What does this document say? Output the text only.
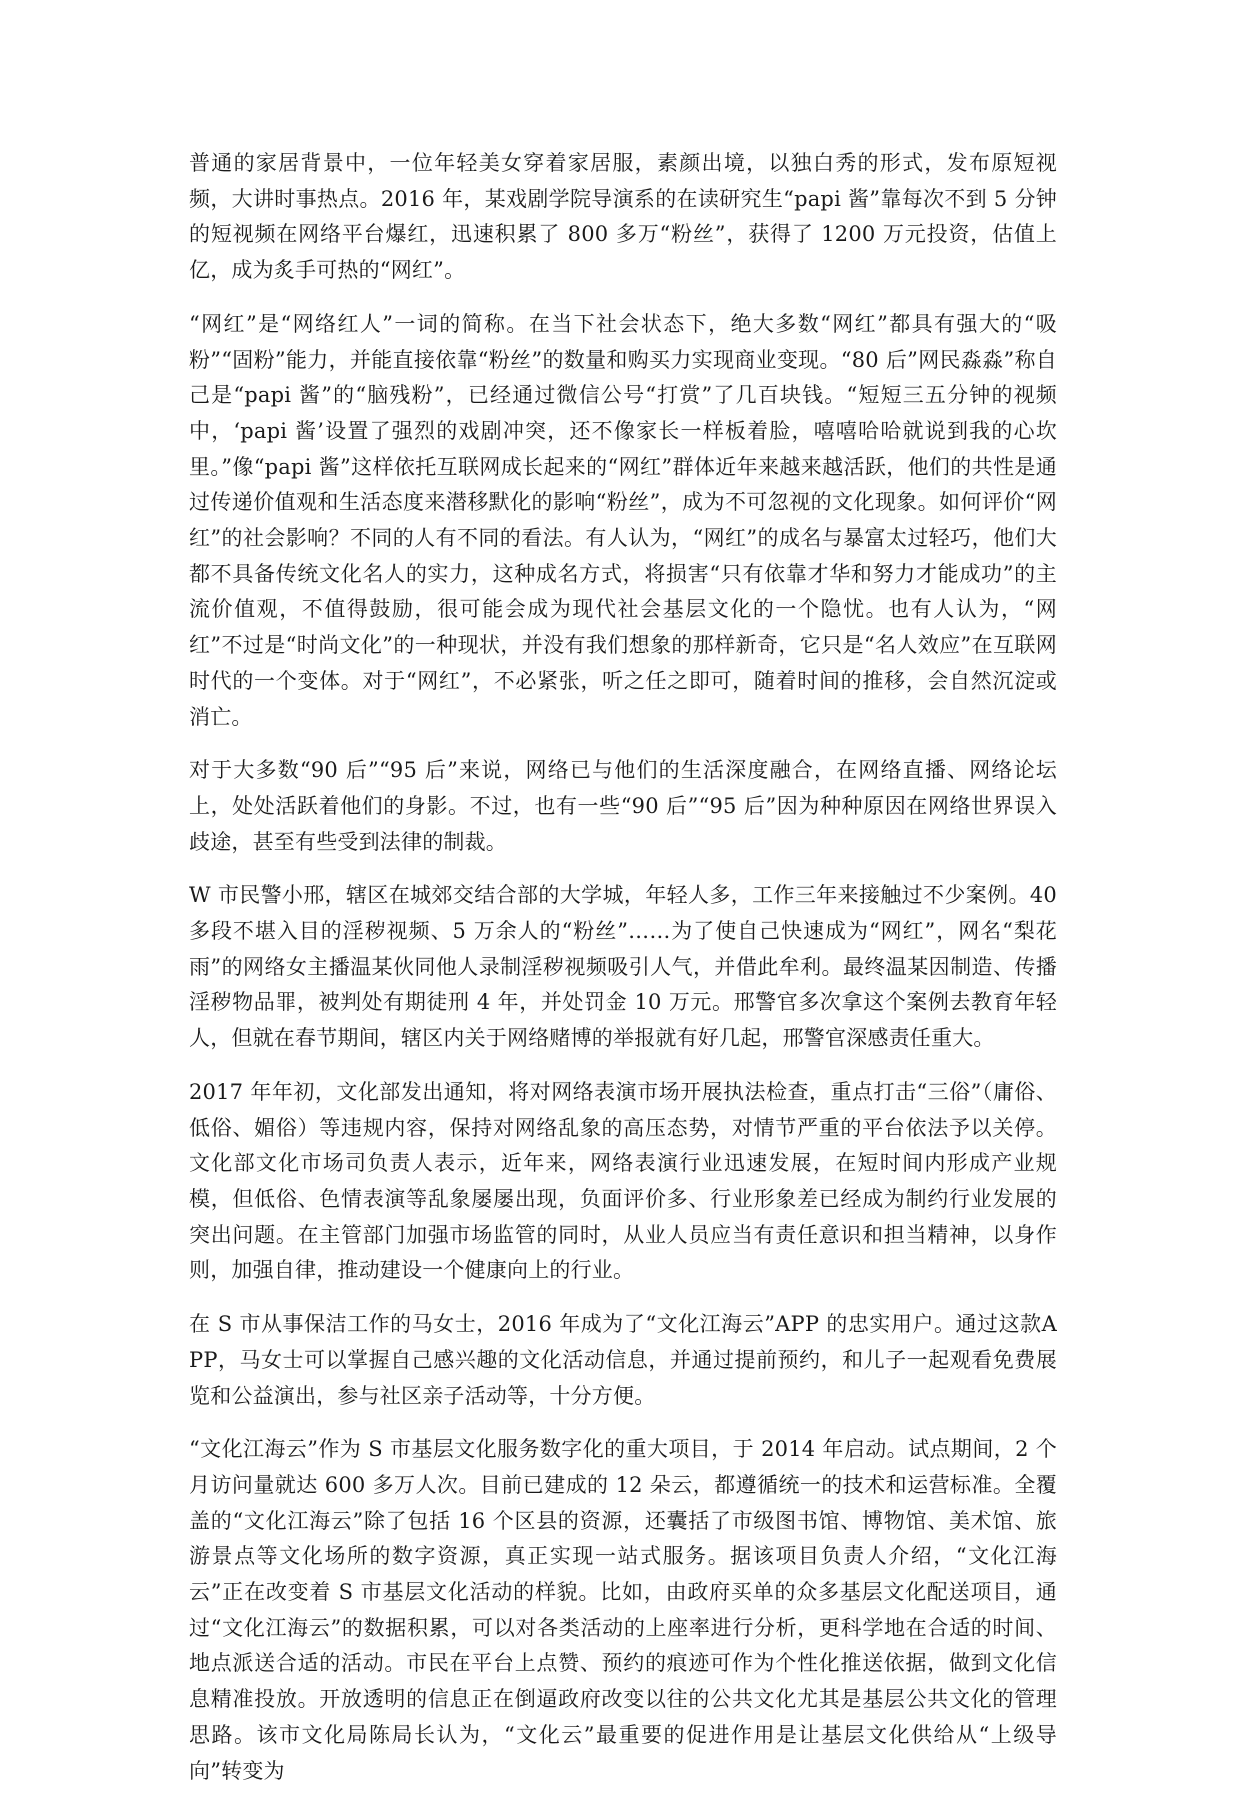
普通的家居背景中，一位年轻美女穿着家居服，素颜出境，以独白秀的形式，发布原短视频，大讲时事热点。2016 年，某戏剧学院导演系的在读研究生“papi 酱”靠每次不到 5 分钟的短视频在网络平台爆红，迅速积累了 800 多万“粉丝”，获得了 1200 万元投资，估值上亿，成为炙手可热的“网红”。

“网红”是“网络红人”一词的简称。在当下社会状态下，绝大多数“网红”都具有强大的“吸粉”“固粉”能力，并能直接依靠“粉丝”的数量和购买力实现商业变现。“80 后”网民淼淼”称自己是“papi 酱”的“脑残粉”，已经通过微信公号“打赏”了几百块钱。“短短三五分钟的视频中，‘papi 酱’设置了强烈的戏剧冲突，还不像家长一样板着脸，嘻嘻哈哈就说到我的心坎里。”像“papi 酱”这样依托互联网成长起来的“网红”群体近年来越来越活跃，他们的共性是通过传递价值观和生活态度来潜移默化的影响“粉丝”，成为不可忽视的文化现象。如何评价“网红”的社会影响？不同的人有不同的看法。有人认为，“网红”的成名与暴富太过轻巧，他们大都不具备传统文化名人的实力，这种成名方式，将损害“只有依靠才华和努力才能成功”的主流价值观，不值得鼓励，很可能会成为现代社会基层文化的一个隐忧。也有人认为，“网红”不过是“时尚文化”的一种现状，并没有我们想象的那样新奇，它只是“名人效应”在互联网时代的一个变体。对于“网红”，不必紧张，听之任之即可，随着时间的推移，会自然沉淀或消亡。

对于大多数“90 后”“95 后”来说，网络已与他们的生活深度融合，在网络直播、网络论坛上，处处活跃着他们的身影。不过，也有一些“90 后”“95 后”因为种种原因在网络世界误入歧途，甚至有些受到法律的制裁。

W 市民警小邢，辖区在城郊交结合部的大学城，年轻人多，工作三年来接触过不少案例。40 多段不堪入目的淫秽视频、5 万余人的“粉丝”……为了使自己快速成为“网红”，网名“梨花雨”的网络女主播温某伙同他人录制淫秽视频吸引人气，并借此牟利。最终温某因制造、传播淫秽物品罪，被判处有期徒刑 4 年，并处罚金 10 万元。邢警官多次拿这个案例去教育年轻人，但就在春节期间，辖区内关于网络赌博的举报就有好几起，邢警官深感责任重大。

2017 年年初，文化部发出通知，将对网络表演市场开展执法检查，重点打击“三俗”（庸俗、低俗、媚俗）等违规内容，保持对网络乱象的高压态势，对情节严重的平台依法予以关停。文化部文化市场司负责人表示，近年来，网络表演行业迅速发展，在短时间内形成产业规模，但低俗、色情表演等乱象屡屡出现，负面评价多、行业形象差已经成为制约行业发展的突出问题。在主管部门加强市场监管的同时，从业人员应当有责任意识和担当精神，以身作则，加强自律，推动建设一个健康向上的行业。

在 S 市从事保洁工作的马女士，2016 年成为了“文化江海云”APP 的忠实用户。通过这款APP，马女士可以掌握自己感兴趣的文化活动信息，并通过提前预约，和儿子一起观看免费展览和公益演出，参与社区亲子活动等，十分方便。

“文化江海云”作为 S 市基层文化服务数字化的重大项目，于 2014 年启动。试点期间，2 个月访问量就达 600 多万人次。目前已建成的 12 朵云，都遵循统一的技术和运营标准。全覆盖的“文化江海云”除了包括 16 个区县的资源，还囊括了市级图书馆、博物馆、美术馆、旅游景点等文化场所的数字资源，真正实现一站式服务。据该项目负责人介绍，“文化江海云”正在改变着 S 市基层文化活动的样貌。比如，由政府买单的众多基层文化配送项目，通过“文化江海云”的数据积累，可以对各类活动的上座率进行分析，更科学地在合适的时间、地点派送合适的活动。市民在平台上点赞、预约的痕迹可作为个性化推送依据，做到文化信息精准投放。开放透明的信息正在倒逼政府改变以往的公共文化尤其是基层公共文化的管理思路。该市文化局陈局长认为，“文化云”最重要的促进作用是让基层文化供给从“上级导向”转变为
